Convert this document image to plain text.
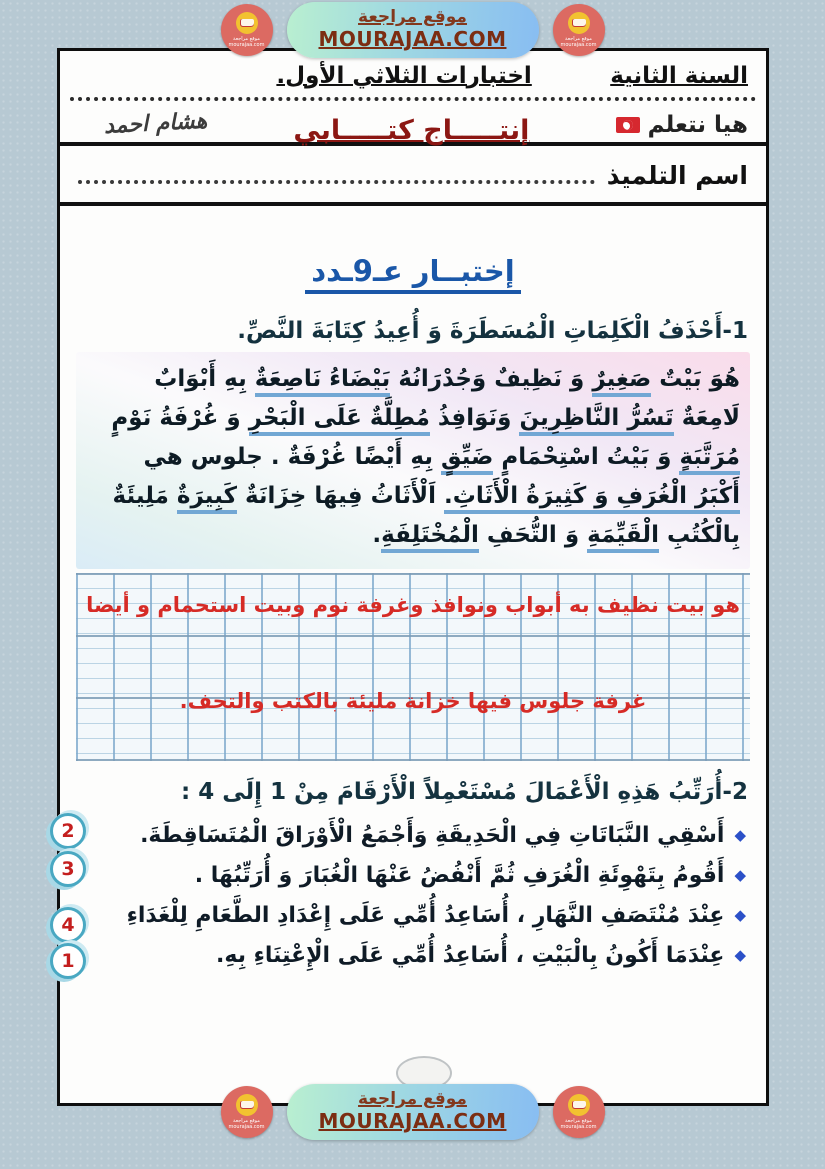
موقع مراجعة
mourajaa.com
موقع مراجعة
MOURAJAA.COM	موقع مراجعة
mourajaa.com
السنة الثانية
اختبارات الثلاثي الأول.
هيا نتعلم
إنتـــــاج كتـــــابي
هشام احمد
اسم التلميذ
إختبــار عـ9ـدد
1-أَحْذَفُ الْكَلِمَاتِ الْمُسَطَرَةَ وَ أُعِيدُ كِتَابَةَ النَّصِّ.
هُوَ بَيْتٌ صَغِيرٌ وَ نَظِيفٌ وَجُدْرَانُهُ بَيْضَاءُ نَاصِعَةٌ بِهِ أَبْوَابٌ
لَامِعَةٌ تَسُرُّ النَّاظِرِينَ وَنَوَافِذُ مُطِلَّةٌ عَلَى الْبَحْرِ وَ غُرْفَةُ نَوْمٍ
مُرَتَّبَةٍ وَ بَيْتُ اسْتِحْمَامٍ ضَيِّقٍ بِهِ أَيْضًا غُرْفَةٌ . جلوس هي
أَكْبَرُ الْغُرَفِ وَ كَثِيرَةُ الْأَثَاثِ. اَلْأَثَاثُ فِيهَا خِزَانَةٌ كَبِيرَةٌ مَلِيئَةٌ
بِالْكُتُبِ الْقَيِّمَةِ وَ التُّحَفِ الْمُخْتَلِفَةِ.
هو بيت نظيف به أبواب ونوافذ وغرفة نوم وبيت استحمام و أيضا
غرفة جلوس فيها خزانة مليئة بالكتب والتحف.
2-أُرَتِّبُ هَذِهِ الْأَعْمَالَ مُسْتَعْمِلاً الْأَرْقَامَ مِنْ 1 إِلَى 4 :
◆
أَسْقِي النَّبَاتَاتِ فِي الْحَدِيقَةِ وَأَجْمَعُ الْأَوْرَاقَ الْمُتَسَاقِطَةَ.
◆
أَقُومُ بِتَهْوِئَةِ الْغُرَفِ ثُمَّ أَنْفُضُ عَنْهَا الْغُبَارَ وَ أُرَتِّبُهَا .
◆
عِنْدَ مُنْتَصَفِ النَّهَارِ ، أُسَاعِدُ أُمِّي عَلَى إِعْدَادِ الطَّعَامِ لِلْغَدَاءِ
◆
عِنْدَمَا أَكُونُ بِالْبَيْتِ ، أُسَاعِدُ أُمِّي عَلَى الْإِعْتِنَاءِ بِهِ.
2
3
4
1
موقع مراجعة
mourajaa.com
موقع مراجعة
MOURAJAA.COM	موقع مراجعة
mourajaa.com
